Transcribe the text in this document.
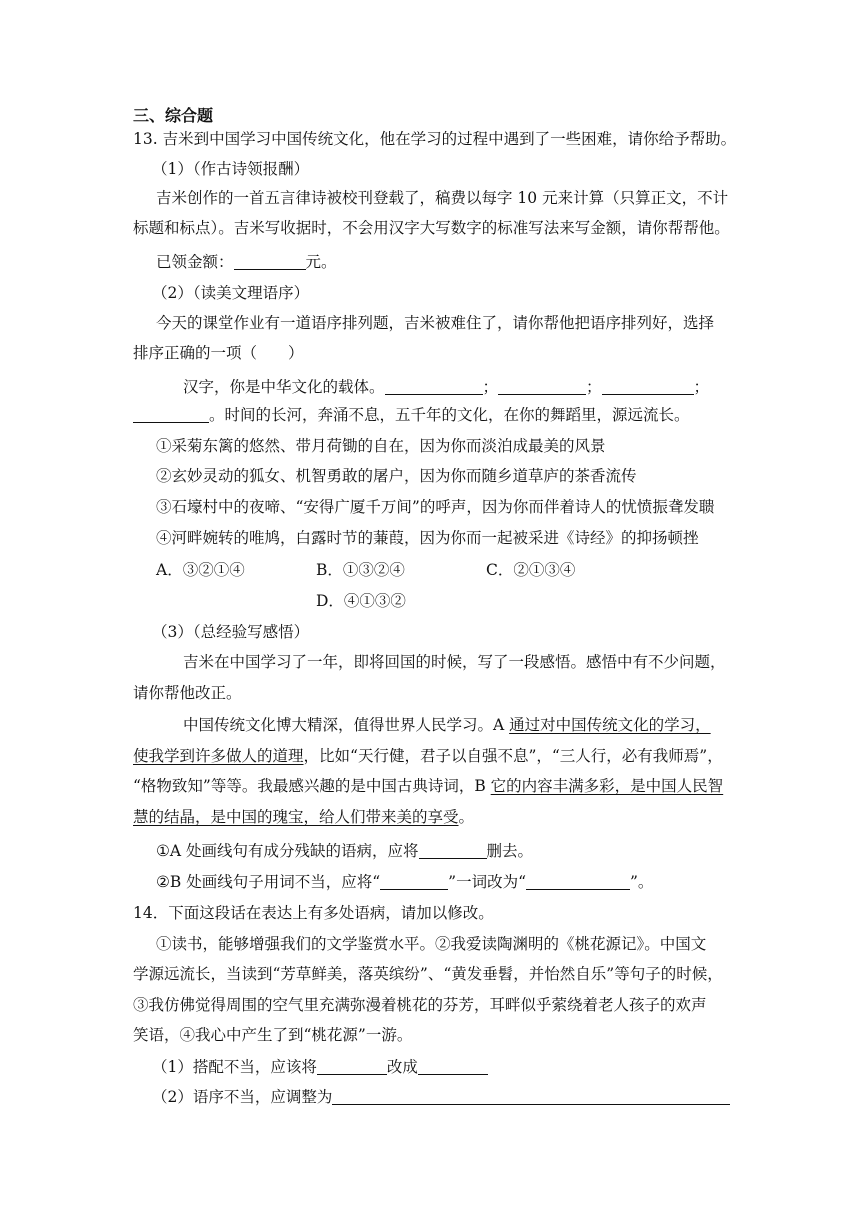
三、综合题
13. 吉米到中国学习中国传统文化，他在学习的过程中遇到了一些困难，请你给予帮助。
（1）（作古诗领报酬）
吉米创作的一首五言律诗被校刊登载了，稿费以每字 10 元来计算（只算正文，不计
标题和标点）。吉米写收据时，不会用汉字大写数字的标准写法来写金额，请你帮帮他。
已领金额：	元。
（2）（读美文理语序）
今天的课堂作业有一道语序排列题，吉米被难住了，请你帮他把语序排列好，选择
排序正确的一项（　　）
汉字，你是中华文化的载体。	；	；	；
。时间的长河，奔涌不息，五千年的文化，在你的舞蹈里，源远流长。
①采菊东篱的悠然、带月荷锄的自在，因为你而淡泊成最美的风景
②玄妙灵动的狐女、机智勇敢的屠户，因为你而随乡道草庐的茶香流传
③石壕村中的夜啼、“安得广厦千万间”的呼声，因为你而伴着诗人的忧愤振聋发聩
④河畔婉转的唯鸠，白露时节的蒹葭，因为你而一起被采进《诗经》的抑扬顿挫
A．③②①④	B．①③②④	C．②①③④
D．④①③②
（3）（总经验写感悟）
吉米在中国学习了一年，即将回国的时候，写了一段感悟。感悟中有不少问题，
请你帮他改正。
中国传统文化博大精深，值得世界人民学习。A 通过对中国传统文化的学习，
使我学到许多做人的道理，比如“天行健，君子以自强不息”，“三人行，必有我师焉”，
“格物致知”等等。我最感兴趣的是中国古典诗词，B 它的内容丰满多彩，是中国人民智
慧的结晶，是中国的瑰宝，给人们带来美的享受。
①A 处画线句有成分残缺的语病，应将	删去。
②B 处画线句子用词不当，应将“	”一词改为“	”。
14．下面这段话在表达上有多处语病，请加以修改。
①读书，能够增强我们的文学鉴赏水平。②我爱读陶渊明的《桃花源记》。中国文
学源远流长，当读到“芳草鲜美，落英缤纷”、“黄发垂髫，并怡然自乐”等句子的时候，
③我仿佛觉得周围的空气里充满弥漫着桃花的芬芳，耳畔似乎萦绕着老人孩子的欢声
笑语，④我心中产生了到“桃花源”一游。
（1）搭配不当，应该将	改成
（2）语序不当，应调整为
